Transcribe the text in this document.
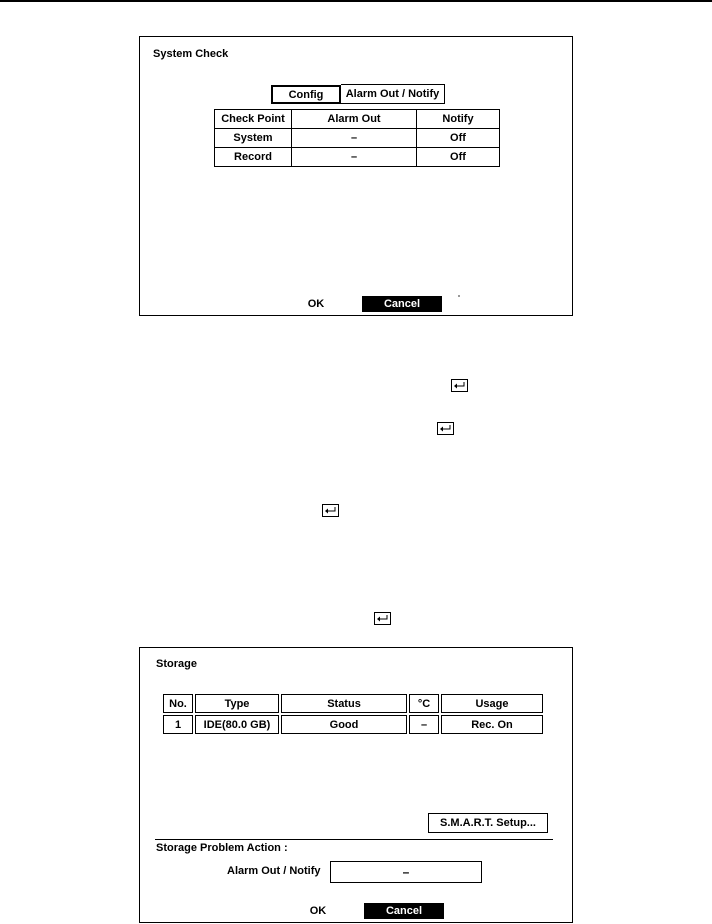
System Check
Config	Alarm Out / Notify
Check Point	Alarm Out	Notify
System	–	Off
Record	–	Off
OK	Cancel
Storage
No.	Type	Status	°C	Usage
1	IDE(80.0 GB)	Good	–	Rec. On
S.M.A.R.T. Setup...
Storage Problem Action :
Alarm Out / Notify	–
OK	Cancel
